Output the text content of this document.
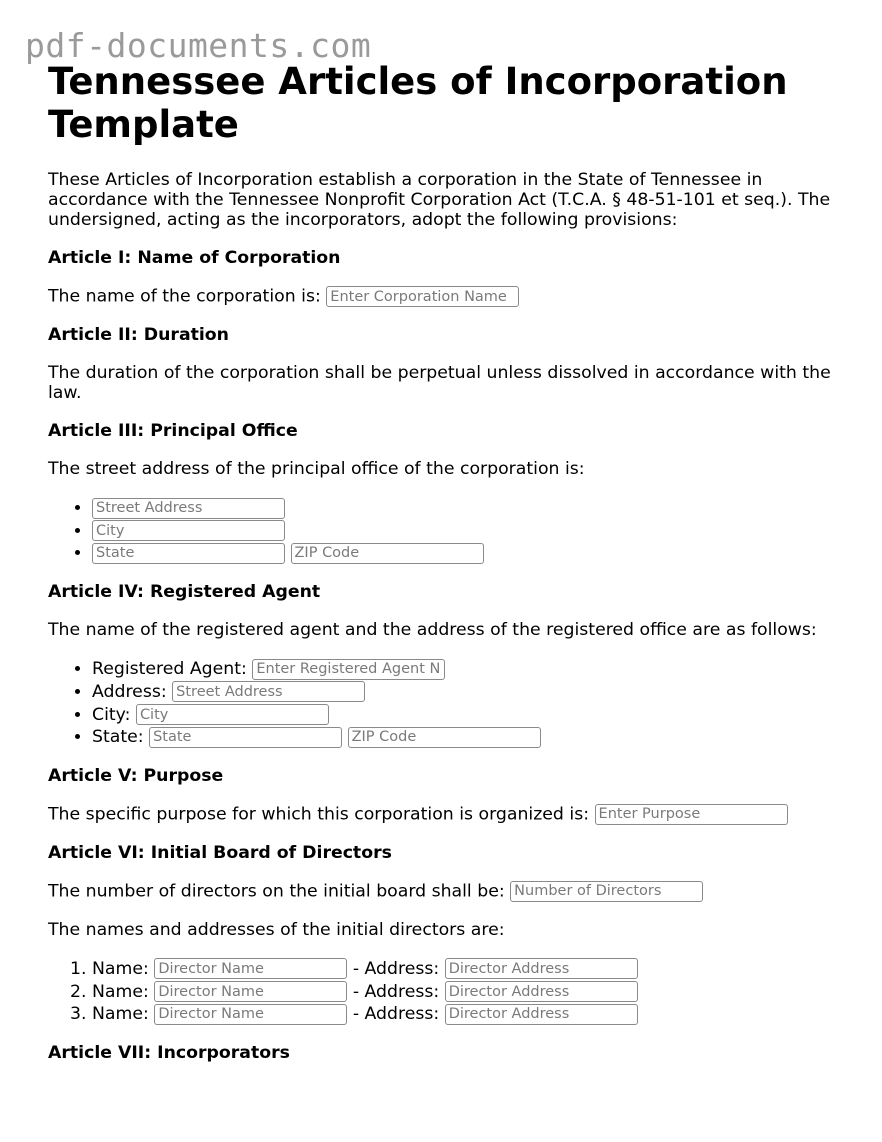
pdf-documents.com
Tennessee Articles of Incorporation Template

These Articles of Incorporation establish a corporation in the State of Tennessee in accordance with the Tennessee Nonprofit Corporation Act (T.C.A. § 48-51-101 et seq.). The undersigned, acting as the incorporators, adopt the following provisions:

Article I: Name of Corporation

The name of the corporation is: Enter Corporation Name

Article II: Duration

The duration of the corporation shall be perpetual unless dissolved in accordance with the law.

Article III: Principal Office

The street address of the principal office of the corporation is:

• Street Address
• City
• State ZIP Code
Article IV: Registered Agent

The name of the registered agent and the address of the registered office are as follows:

• Registered Agent: Enter Registered Agent Name
• Address: Street Address
• City: City
• State: State ZIP Code
Article V: Purpose

The specific purpose for which this corporation is organized is: Enter Purpose

Article VI: Initial Board of Directors

The number of directors on the initial board shall be: Number of Directors

The names and addresses of the initial directors are:

1. Name: Director Name	- Address: Director Address
2. Name: Director Name	- Address: Director Address
3. Name: Director Name	- Address: Director Address
Article VII: Incorporators
